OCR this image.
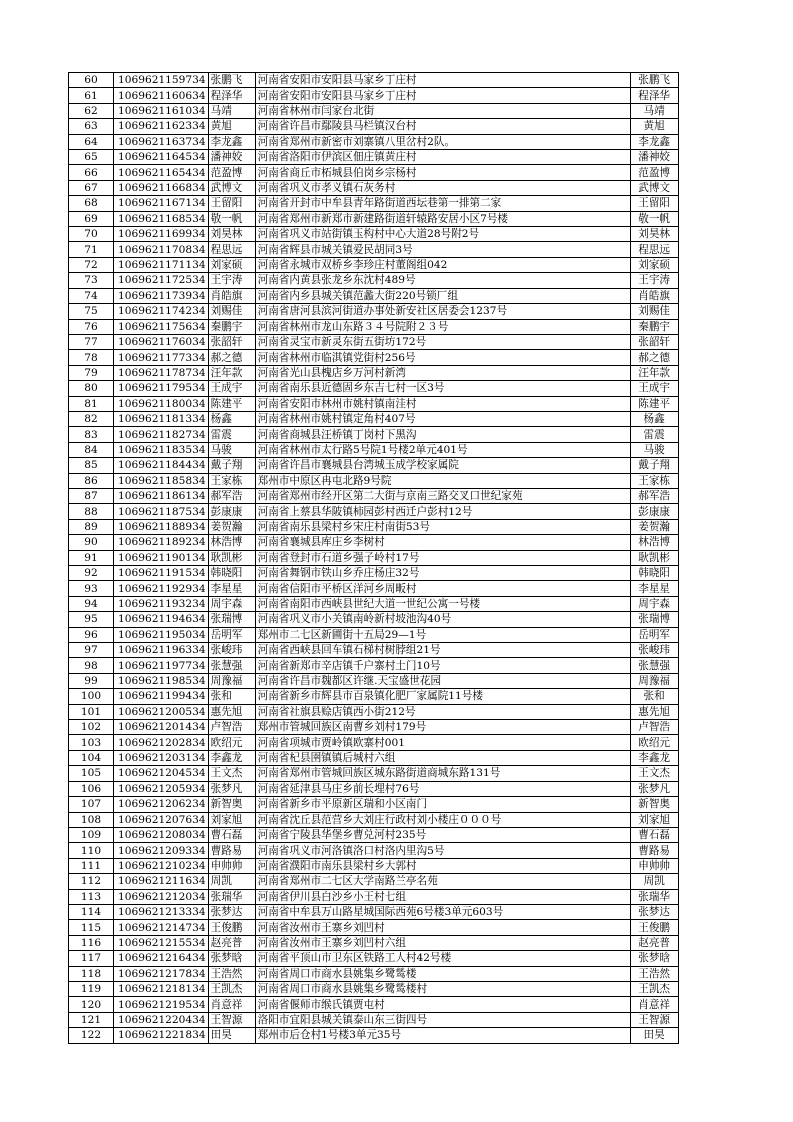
60	1069621159734	张鹏飞	河南省安阳市安阳县马家乡丁庄村	张鹏飞
61	1069621160634	程泽华	河南省安阳市安阳县马家乡丁庄村	程泽华
62	1069621161034	马靖	河南省林州市闫家台北街	马靖
63	1069621162334	黄旭	河南省许昌市鄢陵县马栏镇汉台村	黄旭
64	1069621163734	李龙鑫	河南省郑州市新密市刘寨镇八里岔村2队。	李龙鑫
65	1069621164534	潘神姣	河南省洛阳市伊滨区佃庄镇黄庄村	潘神姣
66	1069621165434	范盈博	河南省商丘市柘城县伯岗乡宗杨村	范盈博
67	1069621166834	武博文	河南省巩义市孝义镇石灰务村	武博文
68	1069621167134	王留阳	河南省开封市中牟县青年路街道西坛巷第一排第二家	王留阳
69	1069621168534	敬一帆	河南省郑州市新郑市新建路街道轩辕路安居小区7号楼	敬一帆
70	1069621169934	刘昊林	河南省巩义市站街镇玉构村中心大道28号附2号	刘昊林
71	1069621170834	程思远	河南省辉县市城关镇爱民胡同3号	程思远
72	1069621171134	刘家硕	河南省永城市双桥乡李珍庄村董阁组042	刘家硕
73	1069621172534	王宇涛	河南省内黄县张龙乡东沈村489号	王宇涛
74	1069621173934	肖皓旗	河南省内乡县城关镇范蠡大街220号锁厂组	肖皓旗
75	1069621174234	刘赐佳	河南省唐河县滨河街道办事处新安社区居委会1237号	刘赐佳
76	1069621175634	秦鹏宇	河南省林州市龙山东路３４号院附２３号	秦鹏宇
77	1069621176034	张韶轩	河南省灵宝市新灵东街五街坊172号	张韶轩
78	1069621177334	郝之德	河南省林州市临淇镇党街村256号	郝之德
79	1069621178734	汪年款	河南省光山县槐店乡万河村新湾	汪年款
80	1069621179534	王成宇	河南省南乐县近德固乡东吉七村一区3号	王成宇
81	1069621180034	陈建平	河南省安阳市林州市姚村镇南洼村	陈建平
82	1069621181334	杨鑫	河南省林州市姚村镇定角村407号	杨鑫
83	1069621182734	雷震	河南省商城县汪桥镇丁岗村下黑沟	雷震
84	1069621183534	马骏	河南省林州市太行路5号院1号楼2单元401号	马骏
85	1069621184434	戴子翔	河南省许昌市襄城县台湾城玉成学校家属院	戴子翔
86	1069621185834	王家栋	郑州市中原区冉屯北路9号院	王家栋
87	1069621186134	郝军浩	河南省郑州市经开区第二大街与京南三路交叉口世纪家苑	郝军浩
88	1069621187534	彭康康	河南省上蔡县华陂镇柿园彭村西迁户彭村12号	彭康康
89	1069621188934	姜贺瀚	河南省南乐县梁村乡宋庄村南街53号	姜贺瀚
90	1069621189234	林浩博	河南省襄城县库庄乡李树村	林浩博
91	1069621190134	耿凯彬	河南省登封市石道乡强子岭村17号	耿凯彬
92	1069621191534	韩晓阳	河南省舞钢市铁山乡乔庄杨庄32号	韩晓阳
93	1069621192934	李星星	河南省信阳市平桥区洋河乡周畈村	李星星
94	1069621193234	周宇森	河南省南阳市西峡县世纪大道一世纪公寓一号楼	周宇森
95	1069621194634	张瑞博	河南省巩义市小关镇南岭新村坡池沟40号	张瑞博
96	1069621195034	岳明军	郑州市二七区新圃街十五局29—1号	岳明军
97	1069621196334	张峻玮	河南省西峡县回车镇石梯村树脖组21号	张峻玮
98	1069621197734	张慧强	河南省新郑市辛店镇千户寨村土门10号	张慧强
99	1069621198534	周豫福	河南省许昌市魏都区许继.天宝盛世花园	周豫福
100	1069621199434	张和	河南省新乡市辉县市百泉镇化肥厂家属院11号楼	张和
101	1069621200534	惠先旭	河南省社旗县赊店镇西小街212号	惠先旭
102	1069621201434	卢智浩	郑州市管城回族区南曹乡刘村179号	卢智浩
103	1069621202834	欧绍元	河南省项城市贾岭镇欧寨村001	欧绍元
104	1069621203134	李鑫龙	河南省杞县圉镇镇后城村六组	李鑫龙
105	1069621204534	王文杰	河南省郑州市管城回族区城东路街道商城东路131号	王文杰
106	1069621205934	张梦凡	河南省延津县马庄乡前长埋村76号	张梦凡
107	1069621206234	新智奥	河南省新乡市平原新区瑞和小区南门	新智奥
108	1069621207634	刘家旭	河南省沈丘县范营乡大刘庄行政村刘小楼庄０００号	刘家旭
109	1069621208034	曹石磊	河南省宁陵县华堡乡曹兑河村235号	曹石磊
110	1069621209334	曹路易	河南省巩义市河洛镇洛口村洛内里沟5号	曹路易
111	1069621210234	申帅帅	河南省濮阳市南乐县梁村乡大郭村	申帅帅
112	1069621211634	周凯	河南省郑州市二七区大学南路兰亭名苑	周凯
113	1069621212034	张瑞华	河南省伊川县白沙乡小王村七组	张瑞华
114	1069621213334	张梦达	河南省中牟县万山路星城国际西苑6号楼3单元603号	张梦达
115	1069621214734	王俊鹏	河南省汝州市王寨乡刘凹村	王俊鹏
116	1069621215534	赵亮普	河南省汝州市王寨乡刘凹村六组	赵亮普
117	1069621216434	张梦晗	河南省平顶山市卫东区铁路工人村42号楼	张梦晗
118	1069621217834	王浩然	河南省周口市商水县姚集乡鹭鸶楼	王浩然
119	1069621218134	王凯杰	河南省周口市商水县姚集乡鹭鸶楼村	王凯杰
120	1069621219534	肖意祥	河南省偃师市缑氏镇贾屯村	肖意祥
121	1069621220434	王智源	洛阳市宜阳县城关镇泰山东三街四号	王智源
122	1069621221834	田昊	郑州市后仓村1号楼3单元35号	田昊
